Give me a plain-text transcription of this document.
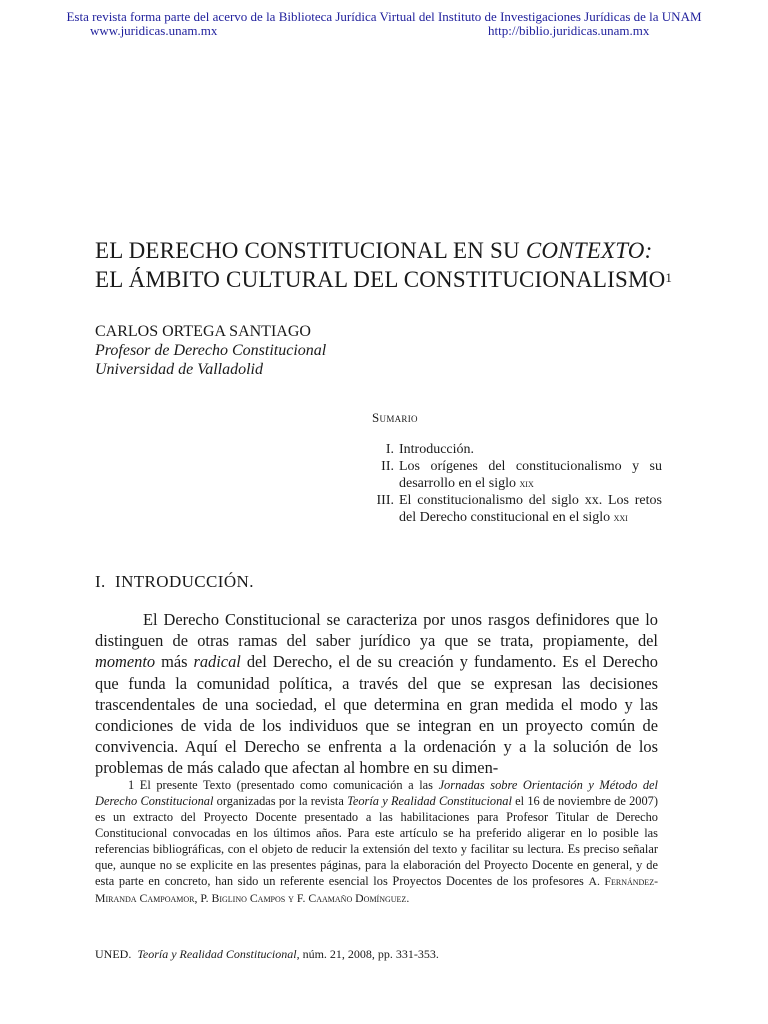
Esta revista forma parte del acervo de la Biblioteca Jurídica Virtual del Instituto de Investigaciones Jurídicas de la UNAM
www.juridicas.unam.mx	http://biblio.juridicas.unam.mx
EL DERECHO CONSTITUCIONAL EN SU CONTEXTO:
EL ÁMBITO CULTURAL DEL CONSTITUCIONALISMO$^1$
CARLOS ORTEGA SANTIAGO
Profesor de Derecho Constitucional
Universidad de Valladolid
Sumario
I. Introducción.
II. Los orígenes del constitucionalismo y su desarrollo en el siglo xix
III. El constitucionalismo del siglo xx. Los retos del Derecho constitucional en el siglo xxi
I.  INTRODUCCIÓN.

El Derecho Constitucional se caracteriza por unos rasgos definidores que lo distinguen de otras ramas del saber jurídico ya que se trata, propiamente, del momento más radical del Derecho, el de su creación y fundamento. Es el Derecho que funda la comunidad política, a través del que se expresan las decisiones trascendentales de una sociedad, el que determina en gran medida el modo y las condiciones de vida de los individuos que se integran en un proyecto común de convivencia. Aquí el Derecho se enfrenta a la ordenación y a la solución de los problemas de más calado que afectan al hombre en su dimen-

1 El presente Texto (presentado como comunicación a las Jornadas sobre Orientación y Método del Derecho Constitucional organizadas por la revista Teoría y Realidad Constitucional el 16 de noviembre de 2007) es un extracto del Proyecto Docente presentado a las habilitaciones para Profesor Titular de Derecho Constitucional convocadas en los últimos años. Para este artículo se ha preferido aligerar en lo posible las referencias bibliográficas, con el objeto de reducir la extensión del texto y facilitar su lectura. Es preciso señalar que, aunque no se explicite en las presentes páginas, para la elaboración del Proyecto Docente en general, y de esta parte en concreto, han sido un referente esencial los Proyectos Docentes de los profesores A. Fernández-Miranda Campoamor, P. Biglino Campos y F. Caamaño Domínguez.

UNED.  Teoría y Realidad Constitucional, núm. 21, 2008, pp. 331-353.
